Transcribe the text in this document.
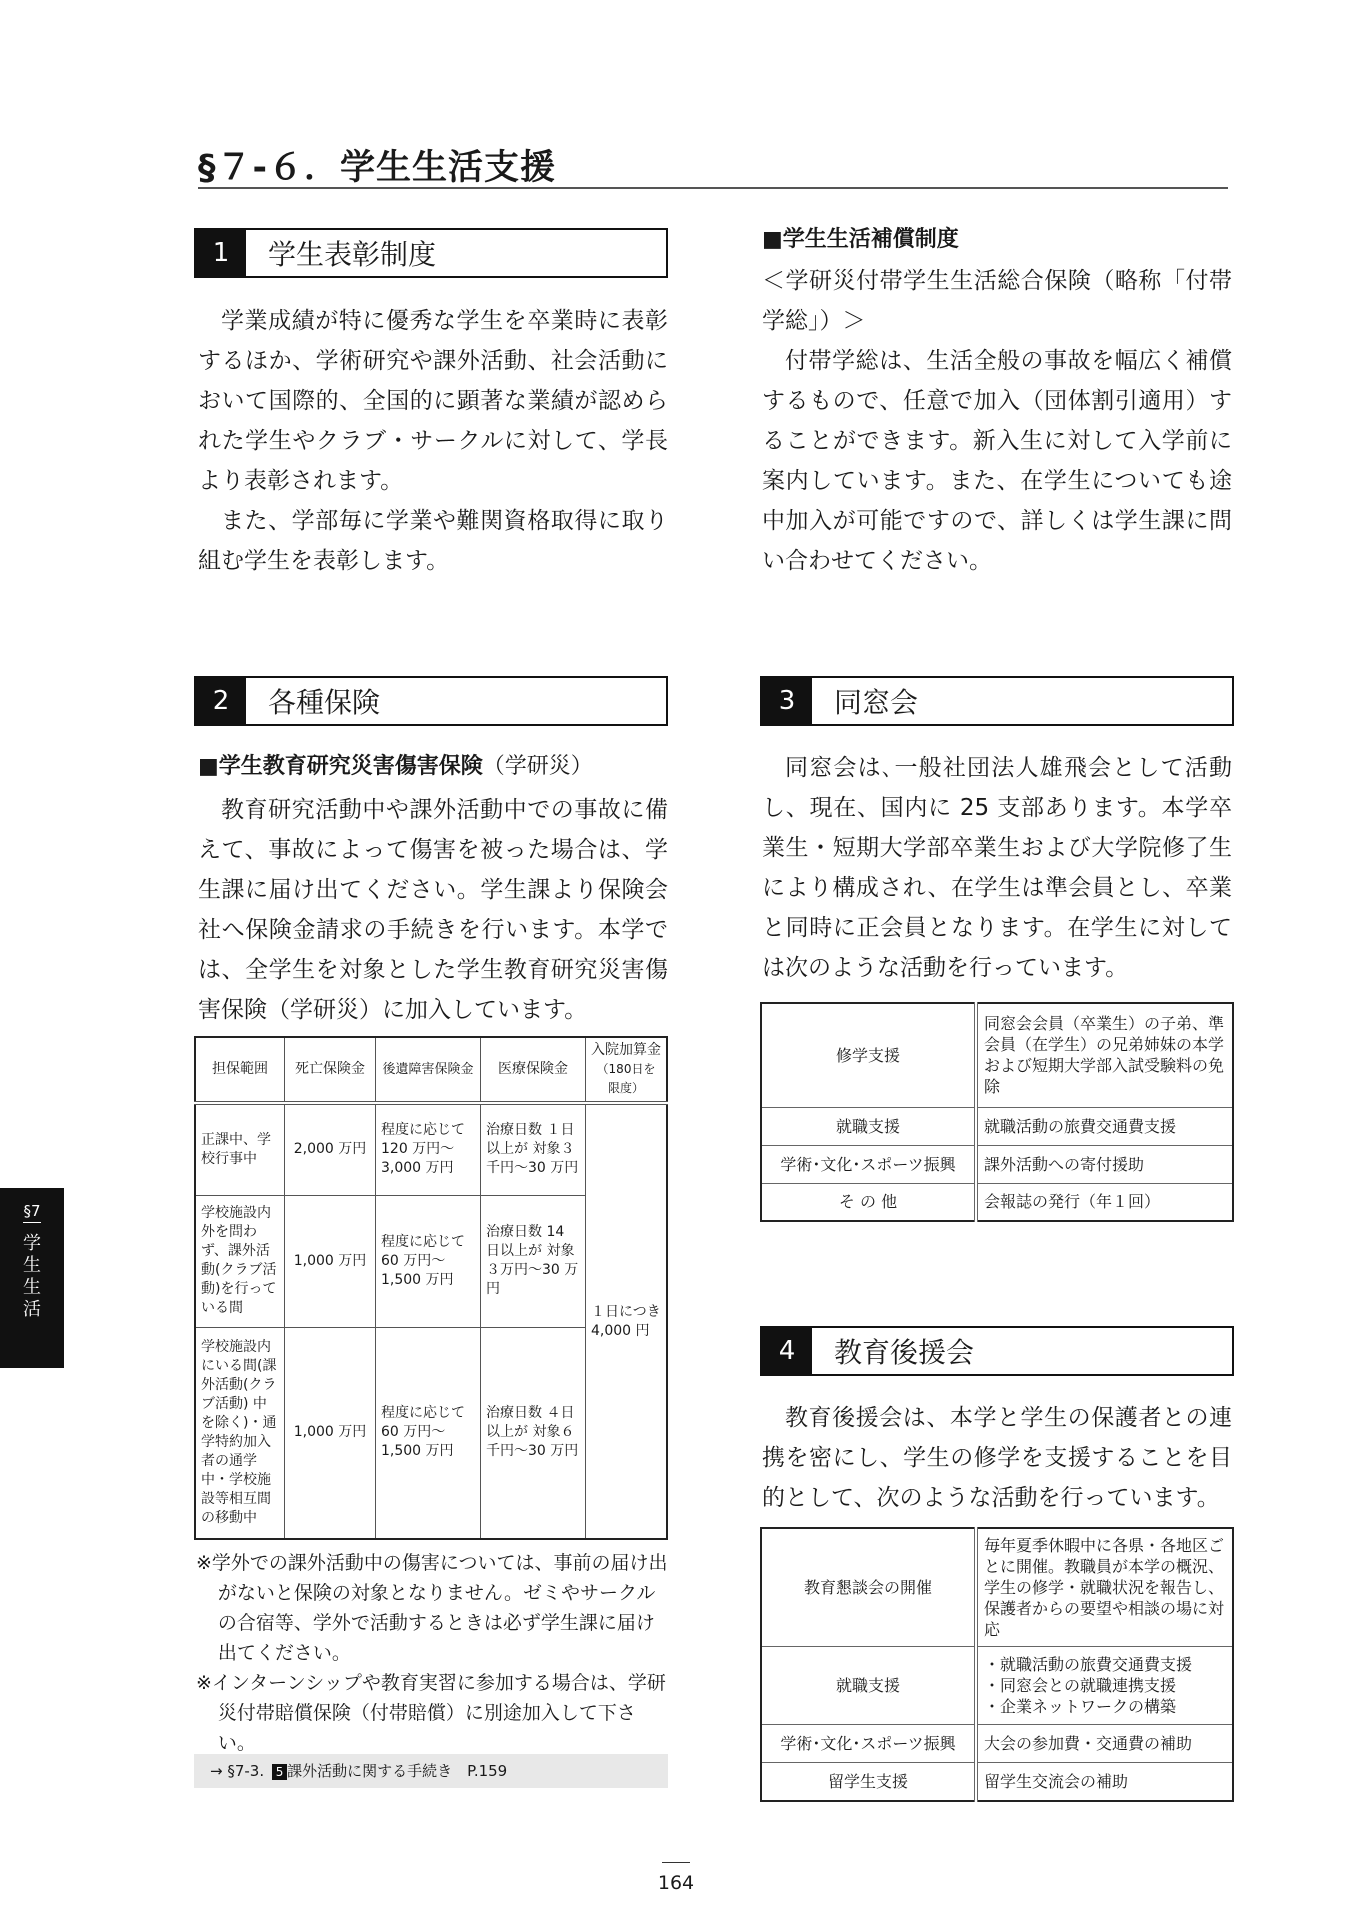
§７-６．学生生活支援
1	学生表彰制度

学業成績が特に優秀な学生を卒業時に表彰するほか、学術研究や課外活動、社会活動において国際的、全国的に顕著な業績が認められた学生やクラブ・サークルに対して、学長より表彰されます。

また、学部毎に学業や難関資格取得に取り組む学生を表彰します。

■学生生活補償制度

＜学研災付帯学生生活総合保険（略称「付帯学総」）＞

付帯学総は、生活全般の事故を幅広く補償するもので、任意で加入（団体割引適用）することができます。新入生に対して入学前に案内しています。また、在学生についても途中加入が可能ですので、詳しくは学生課に問い合わせてください。

2	各種保険
■学生教育研究災害傷害保険（学研災）

教育研究活動中や課外活動中での事故に備えて、事故によって傷害を被った場合は、学生課に届け出てください。学生課より保険会社へ保険金請求の手続きを行います。本学では、全学生を対象とした学生教育研究災害傷害保険（学研災）に加入しています。

担保範囲	死亡保険金	後遺障害保険金	医療保険金	入院加算金
（180日を限度）

正課中、学校行事中	2,000 万円	程度に応じて 120 万円～3,000 万円	治療日数 １日以上が 対象３千円～30 万円	１日につき 4,000 円
学校施設内外を問わず、課外活動(クラブ活動)を行っている間	1,000 万円	程度に応じて 60 万円～1,500 万円	治療日数 14 日以上が 対象３万円～30 万円	
学校施設内にいる間(課外活動(クラブ活動) 中を除く)・通学特約加入者の通学中・学校施設等相互間の移動中	1,000 万円	程度に応じて 60 万円～1,500 万円	治療日数 ４日以上が 対象６千円～30 万円	
※学外での課外活動中の傷害については、事前の届け出がないと保険の対象となりません。ゼミやサークルの合宿等、学外で活動するときは必ず学生課に届け出てください。
※インターンシップや教育実習に参加する場合は、学研災付帯賠償保険（付帯賠償）に別途加入して下さい。
→ §7-3. 5 課外活動に関する手続き　P.159
3	同窓会

同窓会は､一般社団法人雄飛会として活動し、現在、国内に 25 支部あります。本学卒業生・短期大学部卒業生および大学院修了生により構成され、在学生は準会員とし、卒業と同時に正会員となります。在学生に対しては次のような活動を行っています。

修学支援	同窓会会員（卒業生）の子弟、準会員（在学生）の兄弟姉妹の本学および短期大学部入試受験料の免除
就職支援	就職活動の旅費交通費支援
学術･文化･スポーツ振興	課外活動への寄付援助
そ の 他	会報誌の発行（年１回）
4	教育後援会

教育後援会は、本学と学生の保護者との連携を密にし、学生の修学を支援することを目的として、次のような活動を行っています。

教育懇談会の開催	毎年夏季休暇中に各県・各地区ごとに開催。教職員が本学の概況、学生の修学・就職状況を報告し、保護者からの要望や相談の場に対応
就職支援	・就職活動の旅費交通費支援
・同窓会との就職連携支援
・企業ネットワークの構築
学術･文化･スポーツ振興	大会の参加費・交通費の補助
留学生支援	留学生交流会の補助
§7
学生生活
164
